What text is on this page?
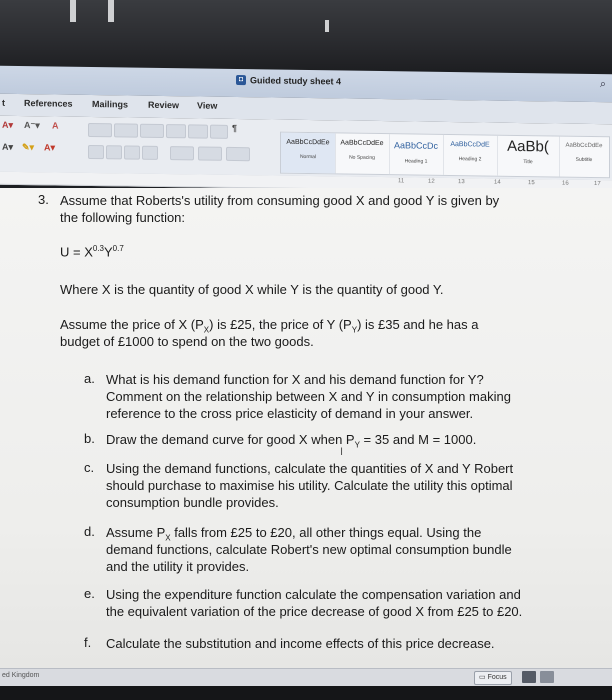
◘ Guided study sheet 4	⌕
t References Mailings Review View
A▾ A⁻▾ A
A▾ ✎▾ A▾
¶
AaBbCcDdEe
Normal
AaBbCcDdEe
No Spacing
AaBbCcDc
Heading 1
AaBbCcDdE
Heading 2
AaBb(
Title
AaBbCcDdEe
Subtitle
11	12	13	14	15	16	17
3. Assume that Roberts's utility from consuming good X and good Y is given by
the following function:
$U = X^{0.3}Y^{0.7}$
Where X is the quantity of good X while Y is the quantity of good Y.
Assume the price of X $(P_X)$ is £25, the price of Y $(P_Y)$ is £35 and he has a
budget of £1000 to spend on the two goods.
a. What is his demand function for X and his demand function for Y?
Comment on the relationship between X and Y in consumption making
reference to the cross price elasticity of demand in your answer.
b. Draw the demand curve for good X when $P_Y = 35$ and M = 1000.
I
c. Using the demand functions, calculate the quantities of X and Y Robert
should purchase to maximise his utility. Calculate the utility this optimal
consumption bundle provides.
d. Assume $P_X$ falls from £25 to £20, all other things equal. Using the
demand functions, calculate Robert's new optimal consumption bundle
and the utility it provides.
e. Using the expenditure function calculate the compensation variation and
the equivalent variation of the price decrease of good X from £25 to £20.
f. Calculate the substitution and income effects of this price decrease.
ed Kingdom	▭ Focus
